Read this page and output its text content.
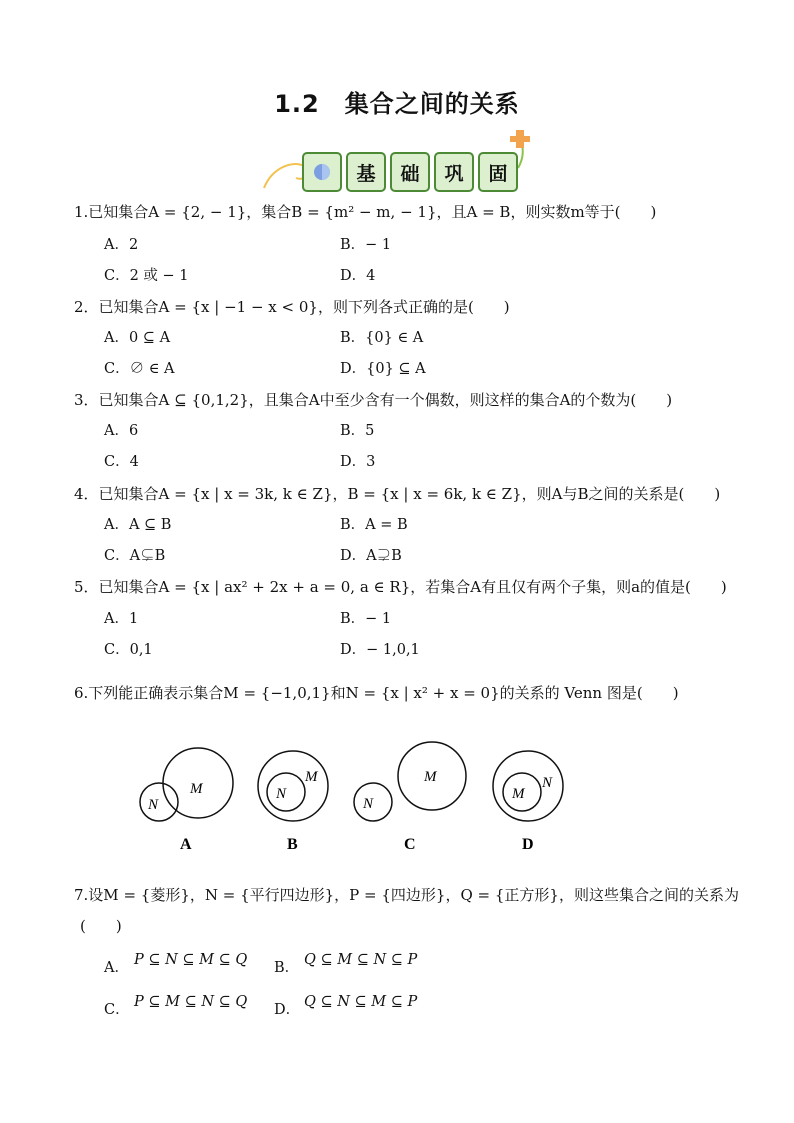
1.2　集合之间的关系
基	础	巩	固
1.已知集合A = {2, − 1}，集合B = {m² − m, − 1}，且A = B，则实数m等于(　　)
A．2	B．− 1
C．2 或 − 1	D．4
2．已知集合A = {x | −1 − x < 0}，则下列各式正确的是(　　)
A．0 ⊆ A	B．{0} ∈ A
C．∅ ∈ A	D．{0} ⊆ A
3．已知集合A ⊆ {0,1,2}，且集合A中至少含有一个偶数，则这样的集合A的个数为(　　)
A．6	B．5
C．4	D．3
4．已知集合A = {x | x = 3k, k ∈ Z}，B = {x | x = 6k, k ∈ Z}，则A与B之间的关系是(　　)
A．A ⊆ B	B．A = B
C．A⊊B	D．A⊋B
5．已知集合A = {x | ax² + 2x + a = 0, a ∈ R}，若集合A有且仅有两个子集，则a的值是(　　)
A．1	B．− 1
C．0,1	D．− 1,0,1
6.下列能正确表示集合M = {−1,0,1}和N = {x | x² + x = 0}的关系的 Venn 图是(　　)
M
N
A
M
N
B
M
N
C
N
M
D
7.设M = {菱形}，N = {平行四边形}，P = {四边形}，Q = {正方形}，则这些集合之间的关系为
(　　)
A． P ⊆ N ⊆ M ⊆ Q B． Q ⊆ M ⊆ N ⊆ P
C． P ⊆ M ⊆ N ⊆ Q D． Q ⊆ N ⊆ M ⊆ P
